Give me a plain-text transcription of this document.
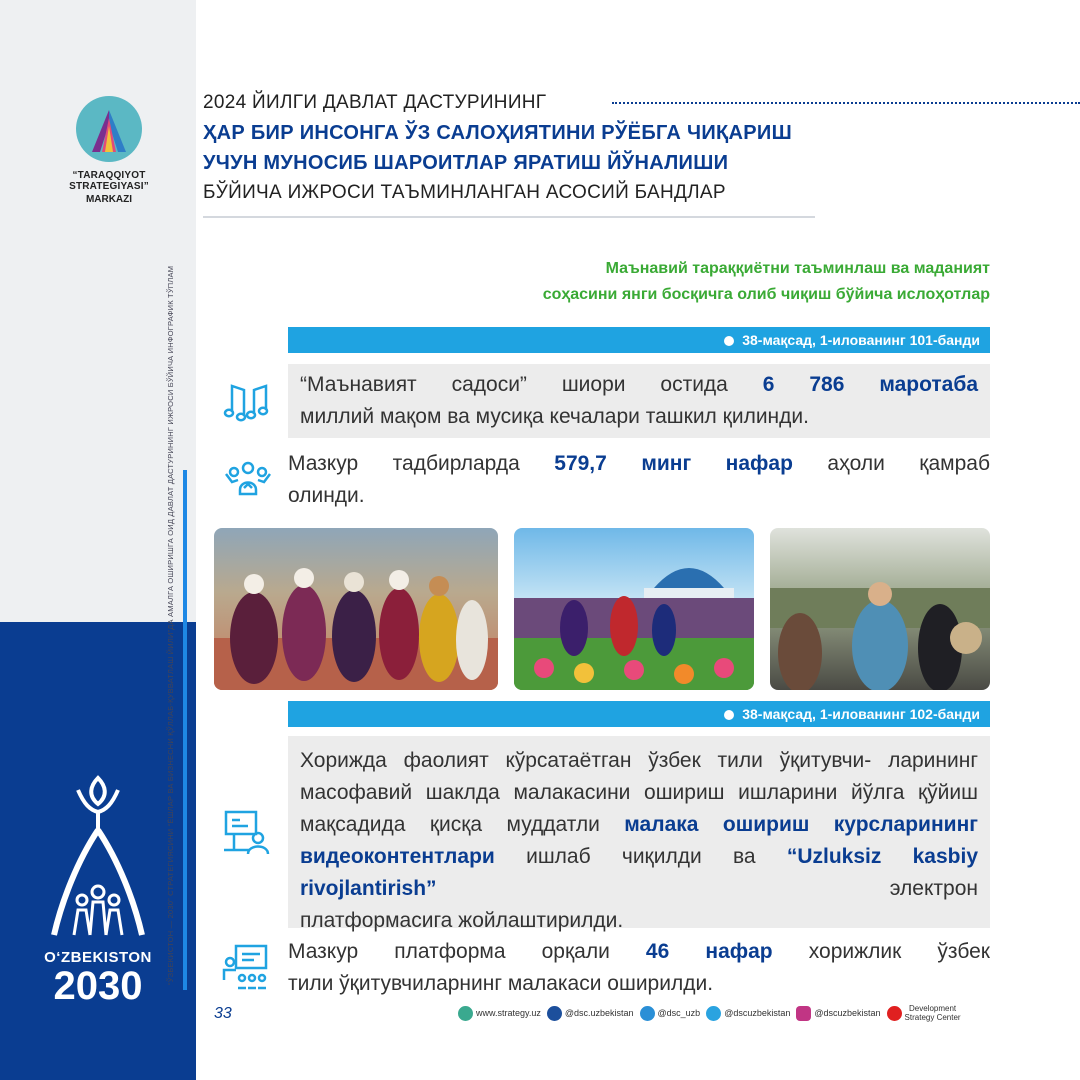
“TARAQQIYOT STRATEGIYASI”
MARKAZI
“ЎЗБЕКИСТОН — 2030” СТРАТЕГИЯСИНИ “ЁШЛАР ВА БИЗНЕСНИ ҚЎЛЛАБ-ҚУВВАТЛАШ ЙИЛИ”ДА АМАЛГА ОШИРИШГА ОИД ДАВЛАТ ДАСТУРИНИНГ ИЖРОСИ БЎЙИЧА ИНФОГРАФИК ТЎПЛАМ
O‘ZBEKISTON
2030
2024 ЙИЛГИ ДАВЛАТ ДАСТУРИНИНГ
ҲАР БИР ИНСОНГА ЎЗ САЛОҲИЯТИНИ РЎЁБГА ЧИҚАРИШ
УЧУН МУНОСИБ ШАРОИТЛАР ЯРАТИШ ЙЎНАЛИШИ
БЎЙИЧА ИЖРОСИ ТАЪМИНЛАНГАН АСОСИЙ БАНДЛАР
Маънавий тараққиётни таъминлаш ва маданият
соҳасини янги босқичга олиб чиқиш бўйича ислоҳотлар
38-мақсад, 1-илованинг 101-банди
“Маънавият садоси” шиори остида 6 786 маротаба
миллий мақом ва мусиқа кечалари ташкил қилинди.
Мазкур тадбирларда 579,7 минг нафар аҳоли қамраб
олинди.
38-мақсад, 1-илованинг 102-банди
Хорижда фаолият кўрсатаётган ўзбек тили ўқитувчи- ларининг масофавий шаклда малакасини ошириш ишларини йўлга қўйиш мақсадида қисқа муддатли малака ошириш курсларининг видеоконтентлари ишлаб чиқилди ва “Uzluksiz kasbiy rivojlantirish” электрон
платформасига жойлаштирилди.
Мазкур платформа орқали 46 нафар хорижлик ўзбек
тили ўқитувчиларнинг малакаси оширилди.
33	www.strategy.uz	@dsc.uzbekistan	@dsc_uzb	@dscuzbekistan	@dscuzbekistan	Development
Strategy Center
